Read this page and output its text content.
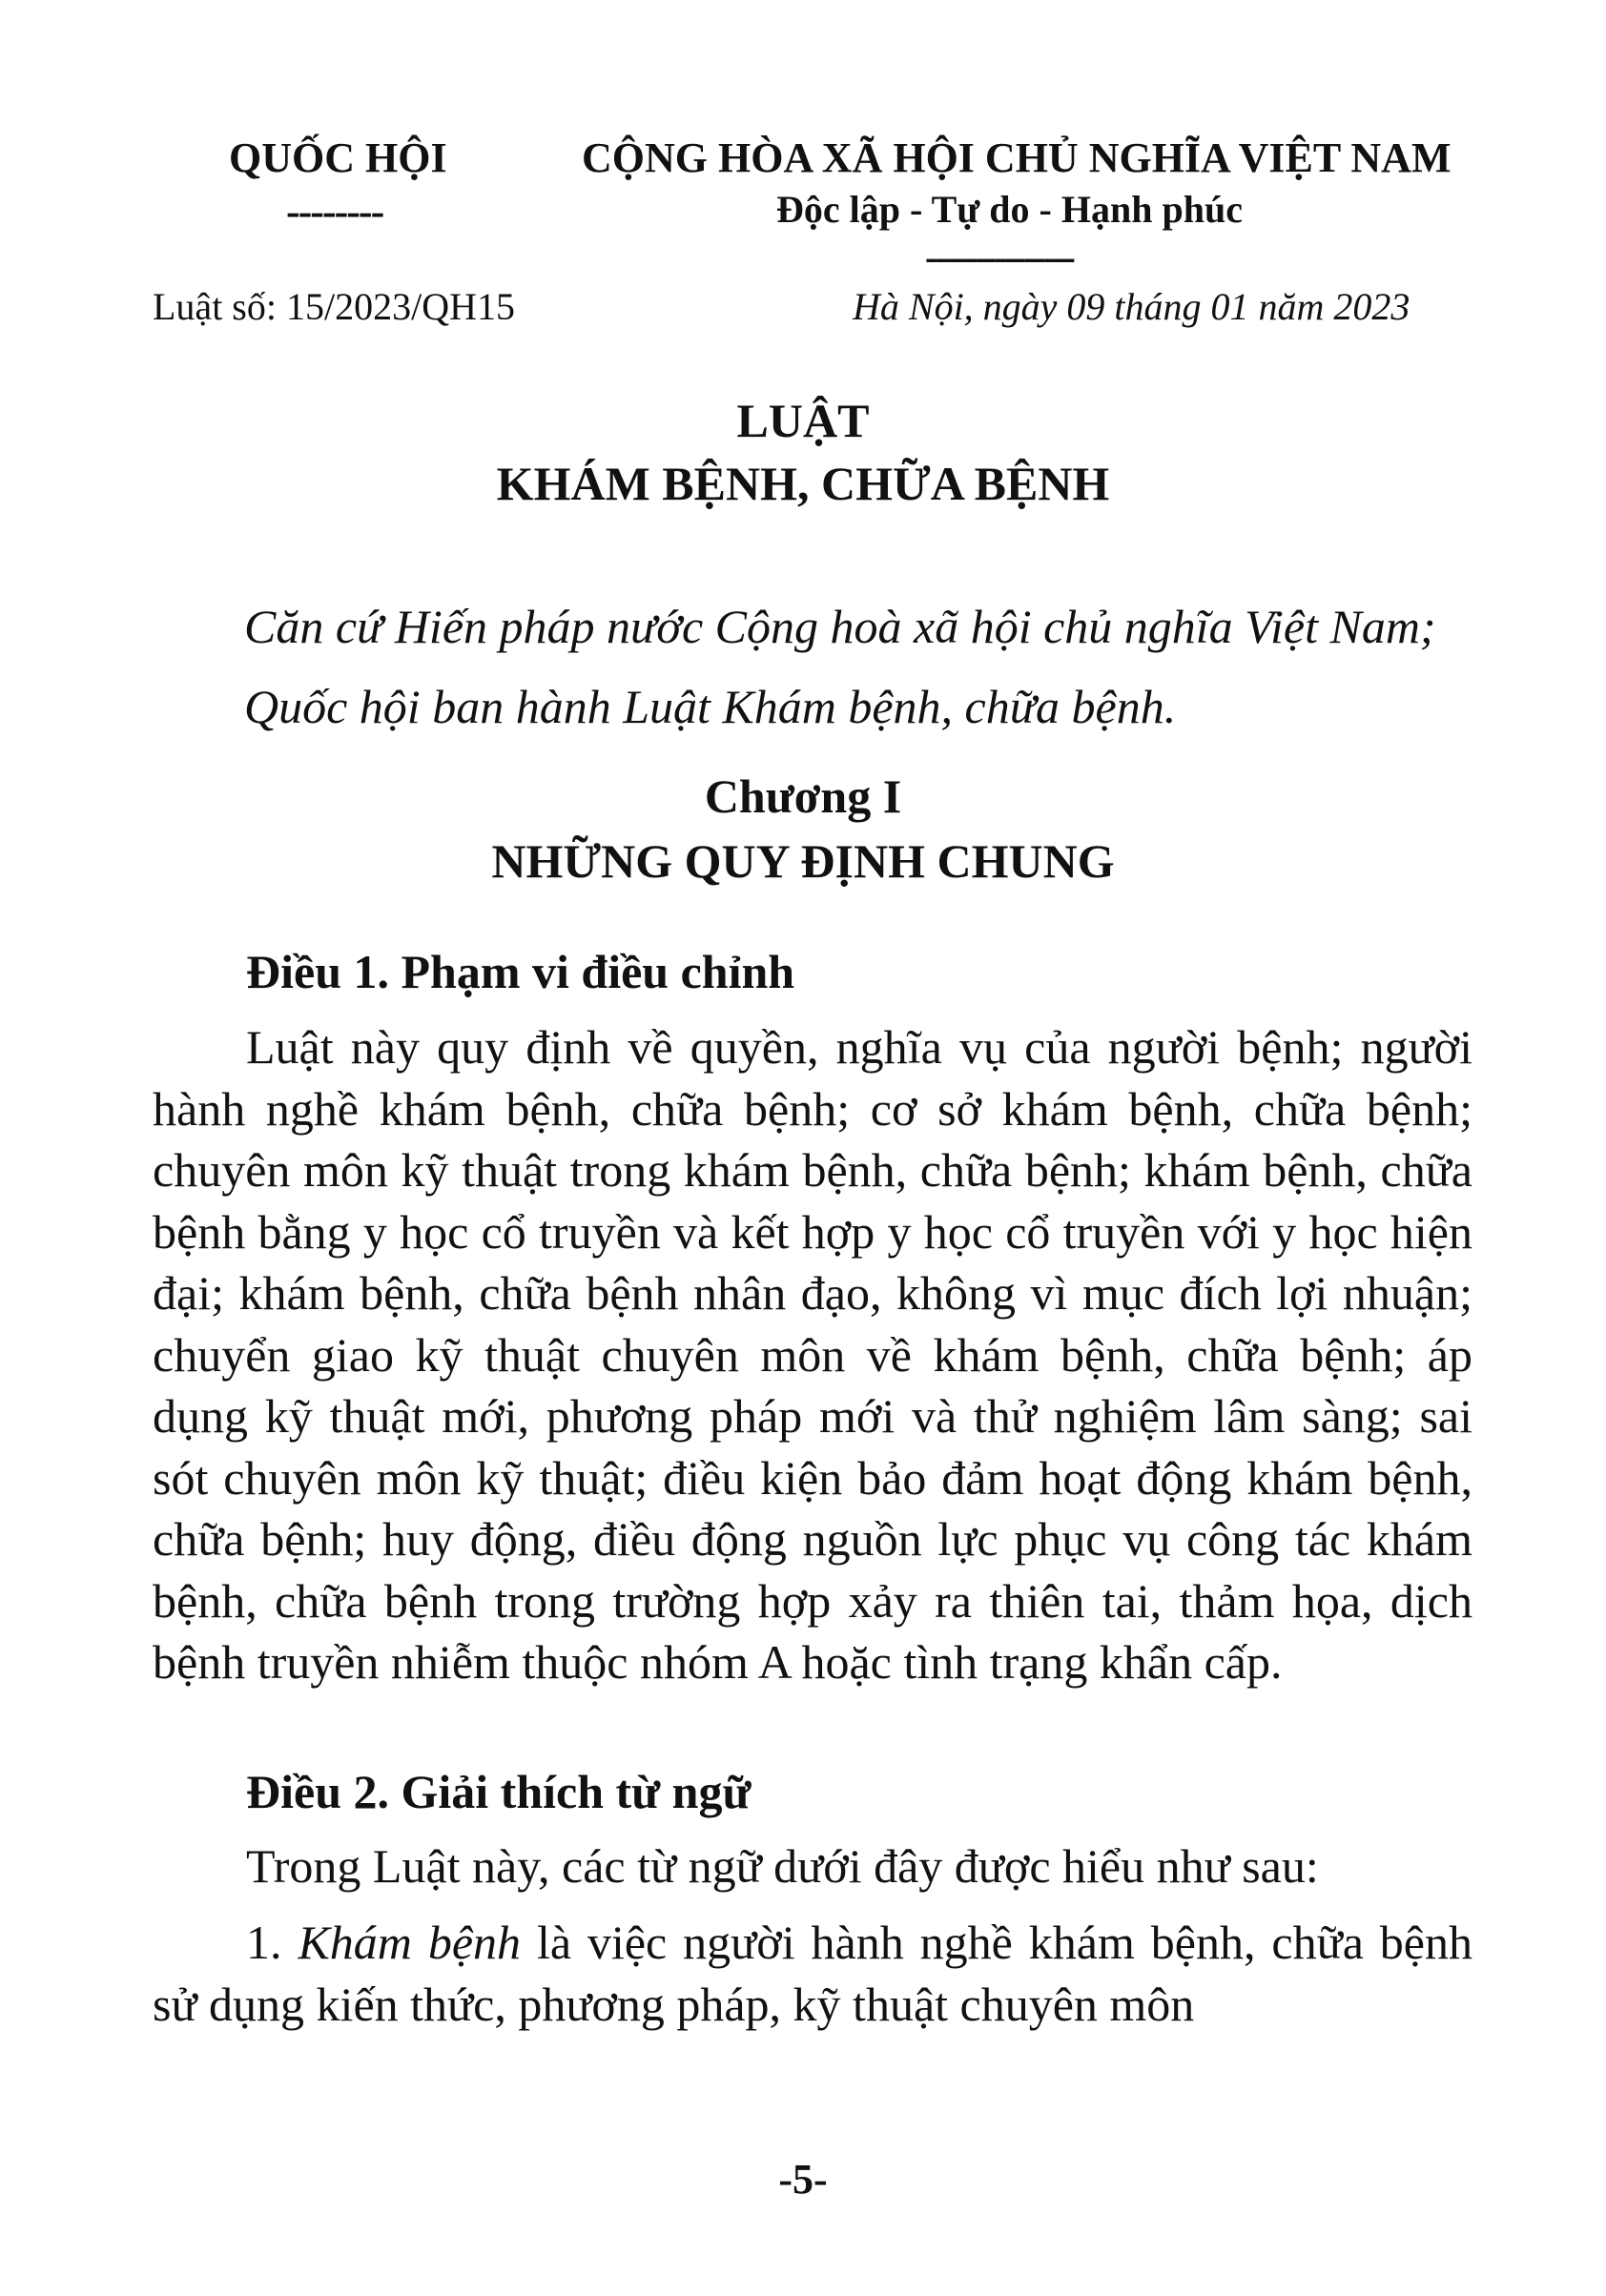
QUỐC HỘI
--------
CỘNG HÒA XÃ HỘI CHỦ NGHĨA VIỆT NAM
Độc lập - Tự do - Hạnh phúc
---------------
Luật số: 15/2023/QH15	Hà Nội, ngày 09 tháng 01 năm 2023
LUẬT
KHÁM BỆNH, CHỮA BỆNH
Căn cứ Hiến pháp nước Cộng hoà xã hội chủ nghĩa Việt Nam;
Quốc hội ban hành Luật Khám bệnh, chữa bệnh.
Chương I
NHỮNG QUY ĐỊNH CHUNG
Điều 1. Phạm vi điều chỉnh
Luật này quy định về quyền, nghĩa vụ của người bệnh; người hành nghề khám bệnh, chữa bệnh; cơ sở khám bệnh, chữa bệnh; chuyên môn kỹ thuật trong khám bệnh, chữa bệnh; khám bệnh, chữa bệnh bằng y học cổ truyền và kết hợp y học cổ truyền với y học hiện đại; khám bệnh, chữa bệnh nhân đạo, không vì mục đích lợi nhuận; chuyển giao kỹ thuật chuyên môn về khám bệnh, chữa bệnh; áp dụng kỹ thuật mới, phương pháp mới và thử nghiệm lâm sàng; sai sót chuyên môn kỹ thuật; điều kiện bảo đảm hoạt động khám bệnh, chữa bệnh; huy động, điều động nguồn lực phục vụ công tác khám bệnh, chữa bệnh trong trường hợp xảy ra thiên tai, thảm họa, dịch bệnh truyền nhiễm thuộc nhóm A hoặc tình trạng khẩn cấp.
Điều 2. Giải thích từ ngữ
Trong Luật này, các từ ngữ dưới đây được hiểu như sau:
1. Khám bệnh là việc người hành nghề khám bệnh, chữa bệnh sử dụng kiến thức, phương pháp, kỹ thuật chuyên môn
-5-
